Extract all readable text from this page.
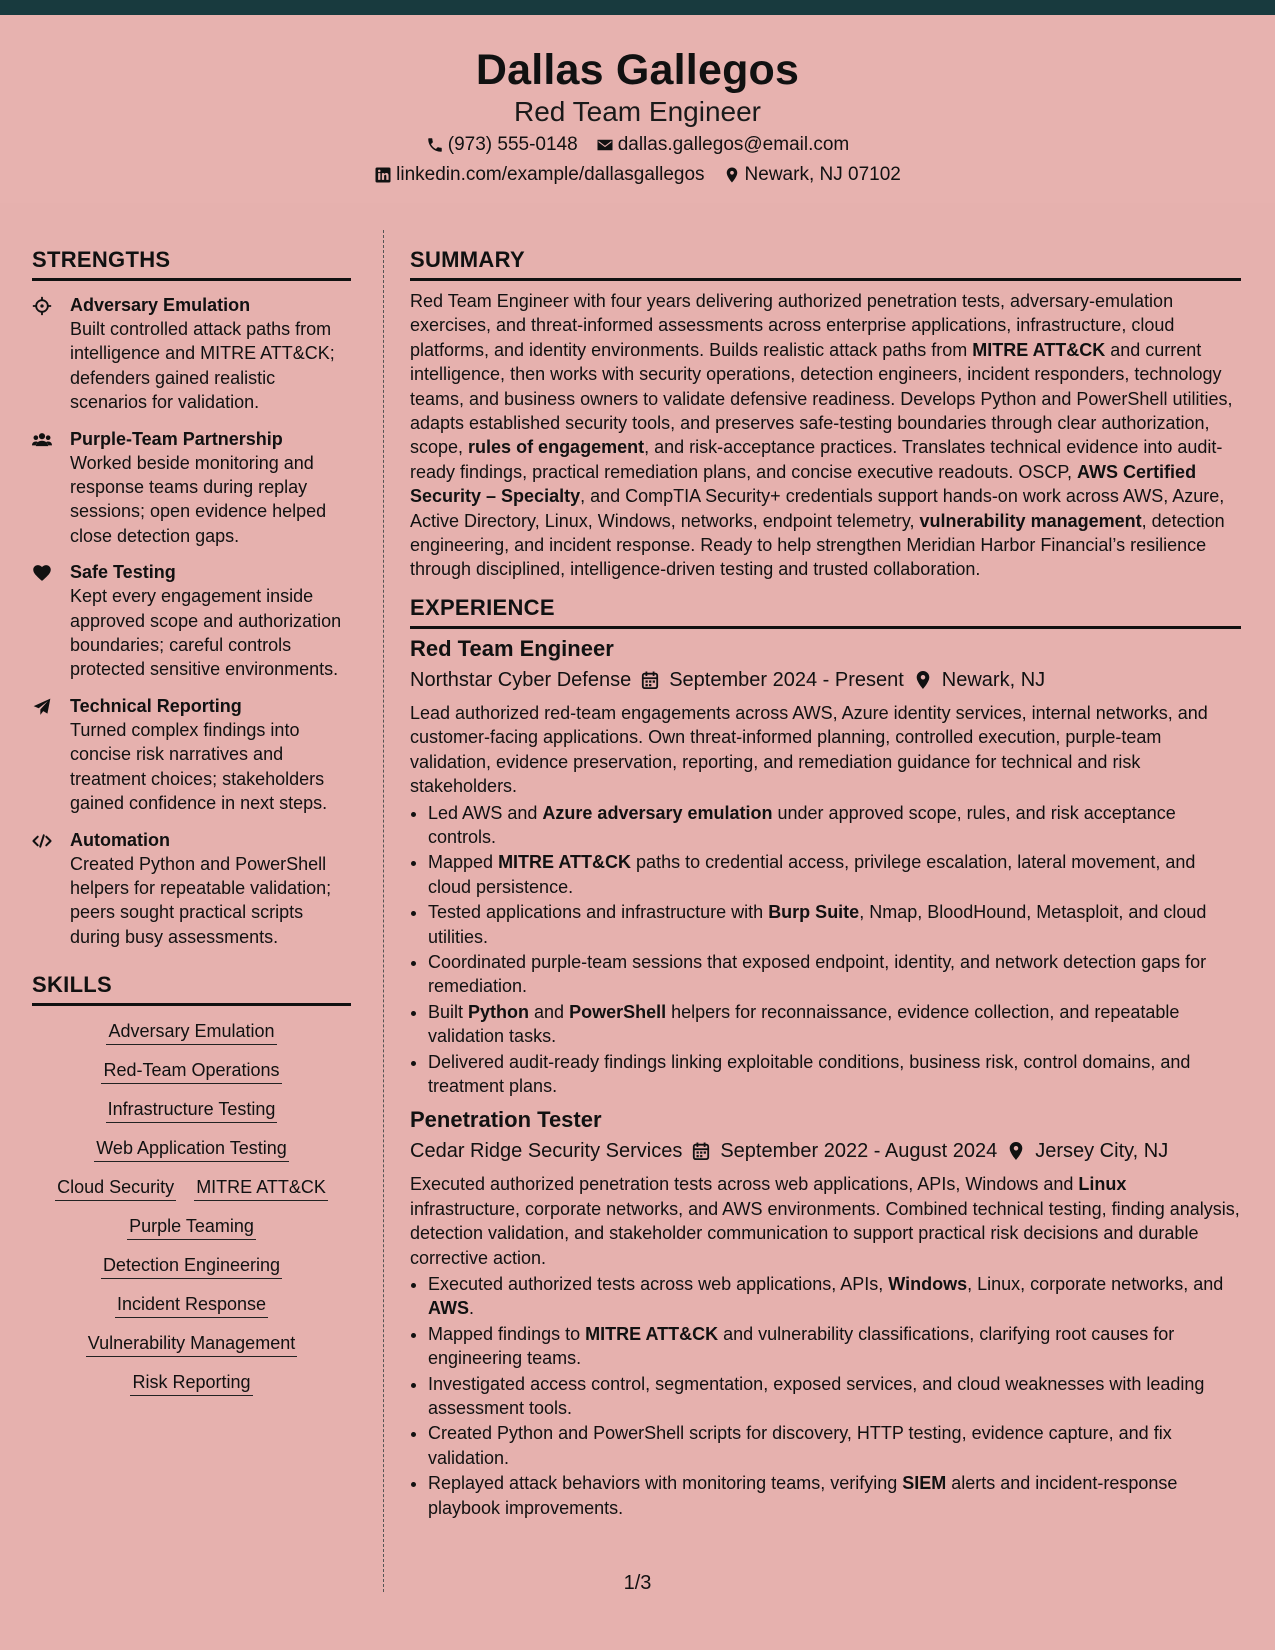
Dallas Gallegos
Red Team Engineer
(973) 555-0148 dallas.gallegos@email.com
linkedin.com/example/dallasgallegos Newark, NJ 07102
STRENGTHS
Adversary Emulation
Built controlled attack paths from intelligence and MITRE ATT&CK; defenders gained realistic scenarios for validation.
Purple-Team Partnership
Worked beside monitoring and response teams during replay sessions; open evidence helped close detection gaps.
Safe Testing
Kept every engagement inside approved scope and authorization boundaries; careful controls protected sensitive environments.
Technical Reporting
Turned complex findings into concise risk narratives and treatment choices; stakeholders gained confidence in next steps.
Automation
Created Python and PowerShell helpers for repeatable validation; peers sought practical scripts during busy assessments.
SKILLS
Adversary Emulation
Red-Team Operations
Infrastructure Testing
Web Application Testing
Cloud Security MITRE ATT&CK
Purple Teaming
Detection Engineering
Incident Response
Vulnerability Management
Risk Reporting
SUMMARY
Red Team Engineer with four years delivering authorized penetration tests, adversary-emulation exercises, and threat-informed assessments across enterprise applications, infrastructure, cloud platforms, and identity environments. Builds realistic attack paths from MITRE ATT&CK and current intelligence, then works with security operations, detection engineers, incident responders, technology teams, and business owners to validate defensive readiness. Develops Python and PowerShell utilities, adapts established security tools, and preserves safe-testing boundaries through clear authorization, scope, rules of engagement, and risk-acceptance practices. Translates technical evidence into audit-ready findings, practical remediation plans, and concise executive readouts. OSCP, AWS Certified Security – Specialty, and CompTIA Security+ credentials support hands-on work across AWS, Azure, Active Directory, Linux, Windows, networks, endpoint telemetry, vulnerability management, detection engineering, and incident response. Ready to help strengthen Meridian Harbor Financial’s resilience through disciplined, intelligence-driven testing and trusted collaboration.
EXPERIENCE
Red Team Engineer
Northstar Cyber Defense September 2024 - Present Newark, NJ
Lead authorized red-team engagements across AWS, Azure identity services, internal networks, and customer-facing applications. Own threat-informed planning, controlled execution, purple-team validation, evidence preservation, reporting, and remediation guidance for technical and risk stakeholders.
• Led AWS and Azure adversary emulation under approved scope, rules, and risk acceptance controls.
• Mapped MITRE ATT&CK paths to credential access, privilege escalation, lateral movement, and cloud persistence.
• Tested applications and infrastructure with Burp Suite, Nmap, BloodHound, Metasploit, and cloud utilities.
• Coordinated purple-team sessions that exposed endpoint, identity, and network detection gaps for remediation.
• Built Python and PowerShell helpers for reconnaissance, evidence collection, and repeatable validation tasks.
• Delivered audit-ready findings linking exploitable conditions, business risk, control domains, and treatment plans.
Penetration Tester
Cedar Ridge Security Services September 2022 - August 2024 Jersey City, NJ
Executed authorized penetration tests across web applications, APIs, Windows and Linux infrastructure, corporate networks, and AWS environments. Combined technical testing, finding analysis, detection validation, and stakeholder communication to support practical risk decisions and durable corrective action.
• Executed authorized tests across web applications, APIs, Windows, Linux, corporate networks, and AWS.
• Mapped findings to MITRE ATT&CK and vulnerability classifications, clarifying root causes for engineering teams.
• Investigated access control, segmentation, exposed services, and cloud weaknesses with leading assessment tools.
• Created Python and PowerShell scripts for discovery, HTTP testing, evidence capture, and fix validation.
• Replayed attack behaviors with monitoring teams, verifying SIEM alerts and incident-response playbook improvements.
1/3
